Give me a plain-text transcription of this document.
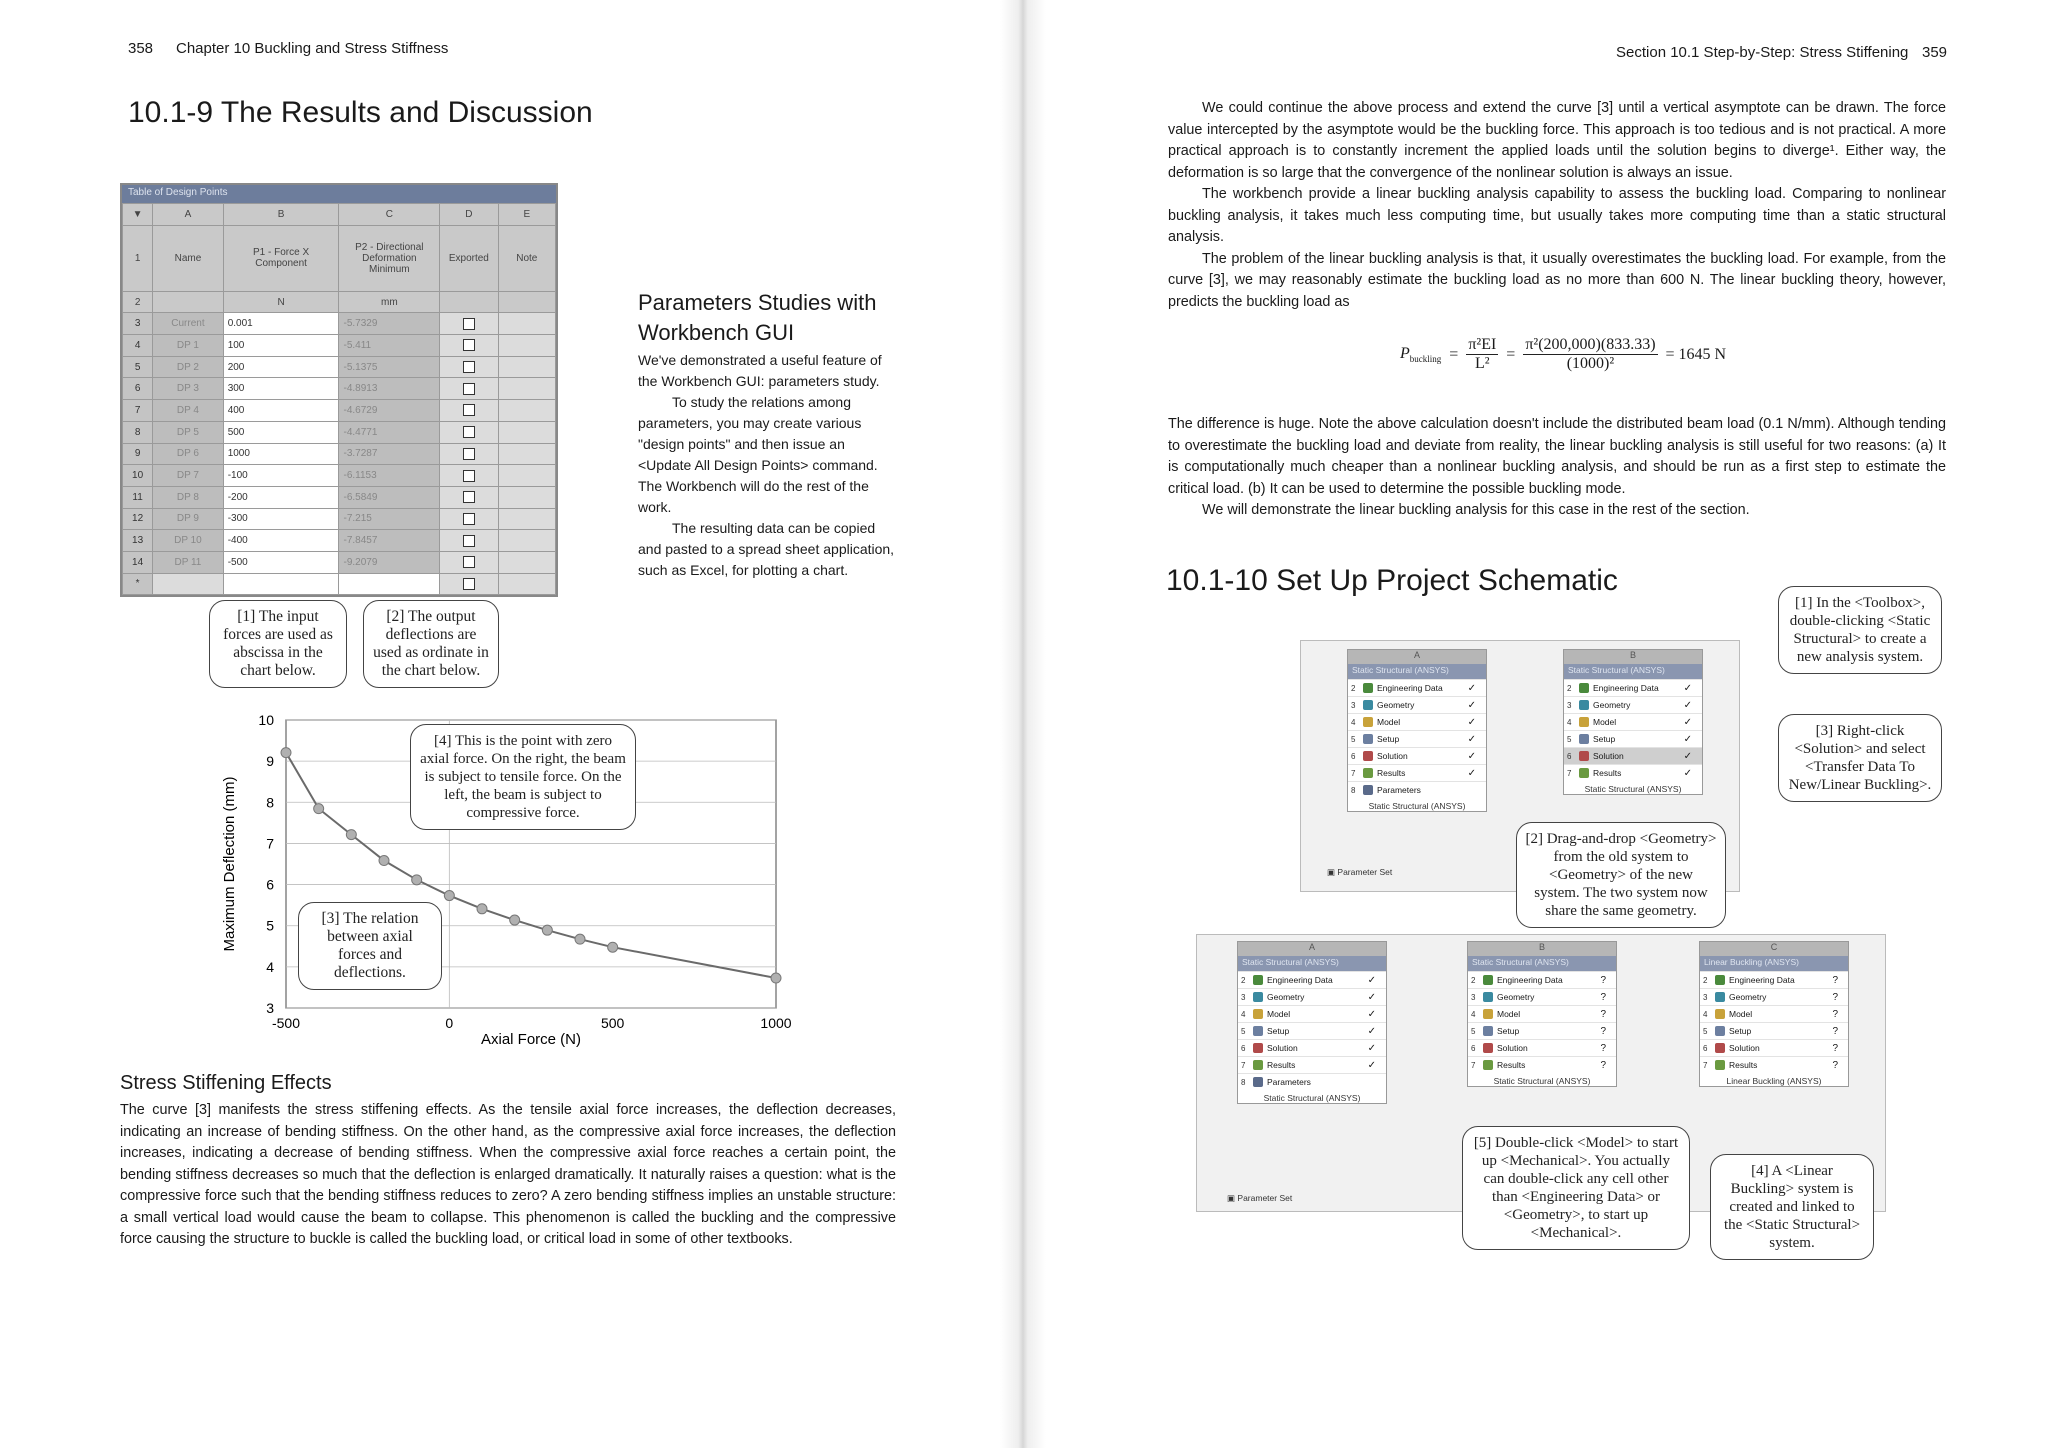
358 Chapter 10 Buckling and Stress Stiffness
10.1-9 The Results and Discussion
Table of Design Points
▼	A	B	C	D	E
1	Name	P1 - Force X Component	P2 - Directional Deformation Minimum	Exported	Note
2		N	mm		
3	Current	0.001	-5.7329		
4	DP 1	100	-5.411		
5	DP 2	200	-5.1375		
6	DP 3	300	-4.8913		
7	DP 4	400	-4.6729		
8	DP 5	500	-4.4771		
9	DP 6	1000	-3.7287		
10	DP 7	-100	-6.1153		
11	DP 8	-200	-6.5849		
12	DP 9	-300	-7.215		
13	DP 10	-400	-7.8457		
14	DP 11	-500	-9.2079		
*					
[1] The input forces are used as abscissa in the chart below.
[2] The output deflections are used as ordinate in the chart below.
Parameters Studies with Workbench GUI

We've demonstrated a useful feature of the Workbench GUI: parameters study.

To study the relations among parameters, you may create various "design points" and then issue an <Update All Design Points> command. The Workbench will do the rest of the work.

The resulting data can be copied and pasted to a spread sheet application, such as Excel, for plotting a chart.

3
4
5
6
7
8
9
10
-500	0	500	1000
Axial Force (N)
Maximum Deflection (mm)
[4] This is the point with zero axial force. On the right, the beam is subject to tensile force. On the left, the beam is subject to compressive force.
[3] The relation between axial forces and deflections.
Stress Stiffening Effects
The curve [3] manifests the stress stiffening effects. As the tensile axial force increases, the deflection decreases, indicating an increase of bending stiffness. On the other hand, as the compressive axial force increases, the deflection increases, indicating a decrease of bending stiffness. When the compressive axial force reaches a certain point, the bending stiffness decreases so much that the deflection is enlarged dramatically. It naturally raises a question: what is the compressive force such that the bending stiffness reduces to zero? A zero bending stiffness implies an unstable structure: a small vertical load would cause the beam to collapse. This phenomenon is called the buckling and the compressive force causing the structure to buckle is called the buckling load, or critical load in some of other textbooks.
Section 10.1 Step-by-Step: Stress Stiffening 359

We could continue the above process and extend the curve [3] until a vertical asymptote can be drawn. The force value intercepted by the asymptote would be the buckling force. This approach is too tedious and is not practical. A more practical approach is to constantly increment the applied loads until the solution begins to diverge¹. Either way, the deformation is so large that the convergence of the nonlinear solution is always an issue.

The workbench provide a linear buckling analysis capability to assess the buckling load. Comparing to nonlinear buckling analysis, it takes much less computing time, but usually takes more computing time than a static structural analysis.

The problem of the linear buckling analysis is that, it usually overestimates the buckling load. For example, from the curve [3], we may reasonably estimate the buckling load as no more than 600 N. The linear buckling theory, however, predicts the buckling load as

$P_{buckling} = \frac{\text{π²EI}}{\text{L²}} = \frac{\text{π²(200,000)(833.33)}}{\text{(1000)²}} = 1645$ N

The difference is huge. Note the above calculation doesn't include the distributed beam load (0.1 N/mm). Although tending to overestimate the buckling load and deviate from reality, the linear buckling analysis is still useful for two reasons: (a) It is computationally much cheaper than a nonlinear buckling analysis, and should be run as a first step to estimate the critical load. (b) It can be used to determine the possible buckling mode.

We will demonstrate the linear buckling analysis for this case in the rest of the section.

10.1-10 Set Up Project Schematic
A
Static Structural (ANSYS)
2	Engineering Data ✓
3	Geometry	✓
4	Model	✓
5	Setup	✓
6	Solution	✓
7	Results	✓
8	Parameters
Static Structural (ANSYS)
B
Static Structural (ANSYS)
2	Engineering Data ✓
3	Geometry	✓
4	Model	✓
5	Setup	✓
6	Solution	✓
7	Results	✓
Static Structural (ANSYS)
▣ Parameter Set
[1] In the <Toolbox>, double-clicking <Static Structural> to create a new analysis system.
[3] Right-click <Solution> and select <Transfer Data To New/Linear Buckling>.
[2] Drag-and-drop <Geometry> from the old system to <Geometry> of the new system. The two system now share the same geometry.
A
Static Structural (ANSYS)
2	Engineering Data	✓
3	Geometry	✓
4	Model	✓
5	Setup	✓
6	Solution	✓
7	Results	✓
8	Parameters
Static Structural (ANSYS)
B
Static Structural (ANSYS)
2	Engineering Data	?
3	Geometry	?
4	Model	?
5	Setup	?
6	Solution	?
7	Results	?
Static Structural (ANSYS)
C
Linear Buckling (ANSYS)
2	Engineering Data	?
3	Geometry	?
4	Model	?
5	Setup	?
6	Solution	?
7	Results	?
Linear Buckling (ANSYS)
▣ Parameter Set
[5] Double-click <Model> to start up <Mechanical>. You actually can double-click any cell other than <Engineering Data> or <Geometry>, to start up <Mechanical>.
[4] A <Linear Buckling> system is created and linked to the <Static Structural> system.
